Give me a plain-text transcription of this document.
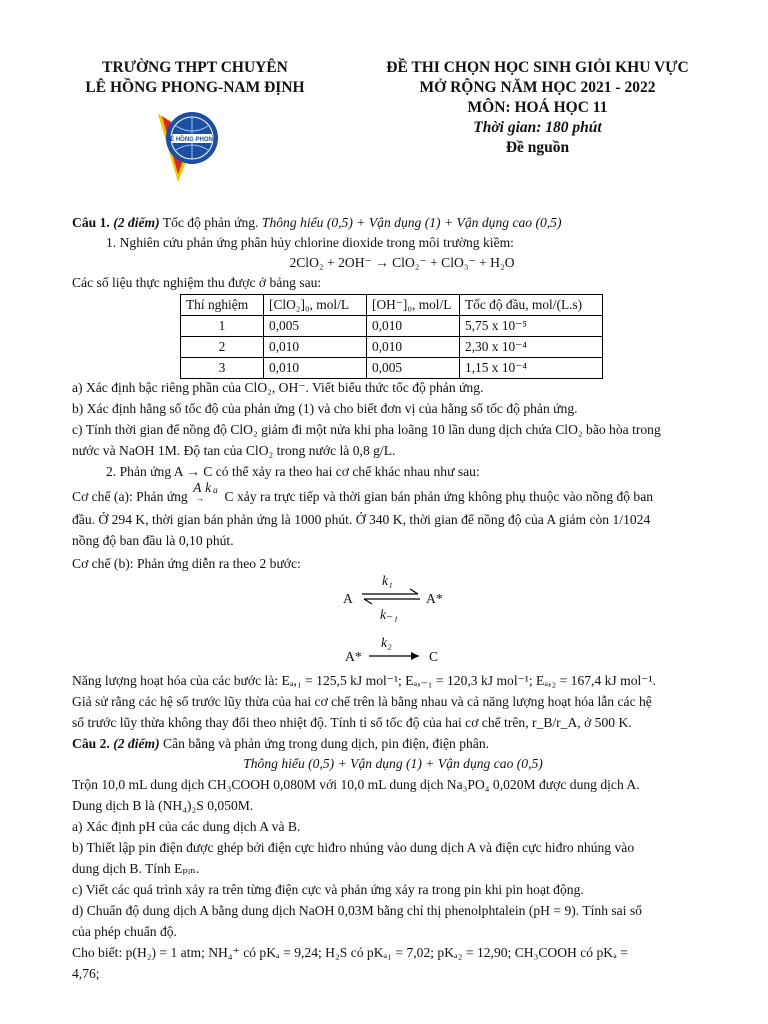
TRƯỜNG THPT CHUYÊN
LÊ HỒNG PHONG-NAM ĐỊNH
ĐỀ THI CHỌN HỌC SINH GIỎI KHU VỰC
MỞ RỘNG NĂM HỌC 2021 - 2022
MÔN: HOÁ HỌC 11
Thời gian: 180 phút
Đề nguồn
LÊ HỒNG PHONG
Câu 1. (2 điểm) Tốc độ phản ứng. Thông hiểu (0,5) + Vận dụng (1) + Vận dụng cao (0,5)
1. Nghiên cứu phản ứng phân hủy chlorine dioxide trong môi trường kiềm:
2ClO₂ + 2OH⁻ → ClO₂⁻ + ClO₃⁻ + H₂O
Các số liệu thực nghiệm thu được ở bảng sau:
Thí nghiệm	[ClO₂]₀, mol/L	[OH⁻]₀, mol/L	Tốc độ đầu, mol/(L.s)
1	0,005	0,010	5,75 x 10⁻⁵
2	0,010	0,010	2,30 x 10⁻⁴
3	0,010	0,005	1,15 x 10⁻⁴
a) Xác định bậc riêng phần của ClO₂, OH⁻. Viết biểu thức tốc độ phản ứng.
b) Xác định hằng số tốc độ của phản ứng (1) và cho biết đơn vị của hằng số tốc độ phản ứng.
c) Tính thời gian để nồng độ ClO₂ giảm đi một nửa khi pha loãng 10 lần dung dịch chứa ClO₂ bão hòa trong
nước và NaOH 1M. Độ tan của ClO₂ trong nước là 0,8 g/L.
2. Phản ứng A → C có thể xảy ra theo hai cơ chế khác nhau như sau:
Cơ chế (a): Phản ứng
A k a
→ C xảy ra trực tiếp và thời gian bán phản ứng không phụ thuộc vào nồng độ ban
đầu. Ở 294 K, thời gian bán phản ứng là 1000 phút. Ở 340 K, thời gian để nồng độ của A giảm còn 1/1024
nồng độ ban đầu là 0,10 phút.
Cơ chế (b): Phản ứng diễn ra theo 2 bước:
A
k₁
k₋₁
A*
A*
k₂
C
Năng lượng hoạt hóa của các bước là: Eₐ,₁ = 125,5 kJ mol⁻¹; Eₐ,₋₁ = 120,3 kJ mol⁻¹; Eₐ,₂ = 167,4 kJ mol⁻¹.
Giả sử rằng các hệ số trước lũy thừa của hai cơ chế trên là bằng nhau và cả năng lượng hoạt hóa lẫn các hệ
số trước lũy thừa không thay đổi theo nhiệt độ. Tính tỉ số tốc độ của hai cơ chế trên, r_B/r_A, ở 500 K.
Câu 2. (2 điểm) Cân bằng và phản ứng trong dung dịch, pin điện, điện phân.
Thông hiểu (0,5) + Vận dụng (1) + Vận dụng cao (0,5)
Trộn 10,0 mL dung dịch CH₃COOH 0,080M với 10,0 mL dung dịch Na₃PO₄ 0,020M được dung dịch A.
Dung dịch B là (NH₄)₂S 0,050M.
a) Xác định pH của các dung dịch A và B.
b) Thiết lập pin điện được ghép bởi điện cực hiđro nhúng vào dung dịch A và điện cực hiđro nhúng vào
dung dịch B. Tính Eₚᵢₙ.
c) Viết các quá trình xảy ra trên từng điện cực và phản ứng xảy ra trong pin khi pin hoạt động.
d) Chuẩn độ dung dịch A bằng dung dịch NaOH 0,03M bằng chỉ thị phenolphtalein (pH = 9). Tính sai số
của phép chuẩn độ.
Cho biết: p(H₂) = 1 atm; NH₄⁺ có pKₐ = 9,24; H₂S có pKₐ₁ = 7,02; pKₐ₂ = 12,90; CH₃COOH có pKₐ =
4,76;
